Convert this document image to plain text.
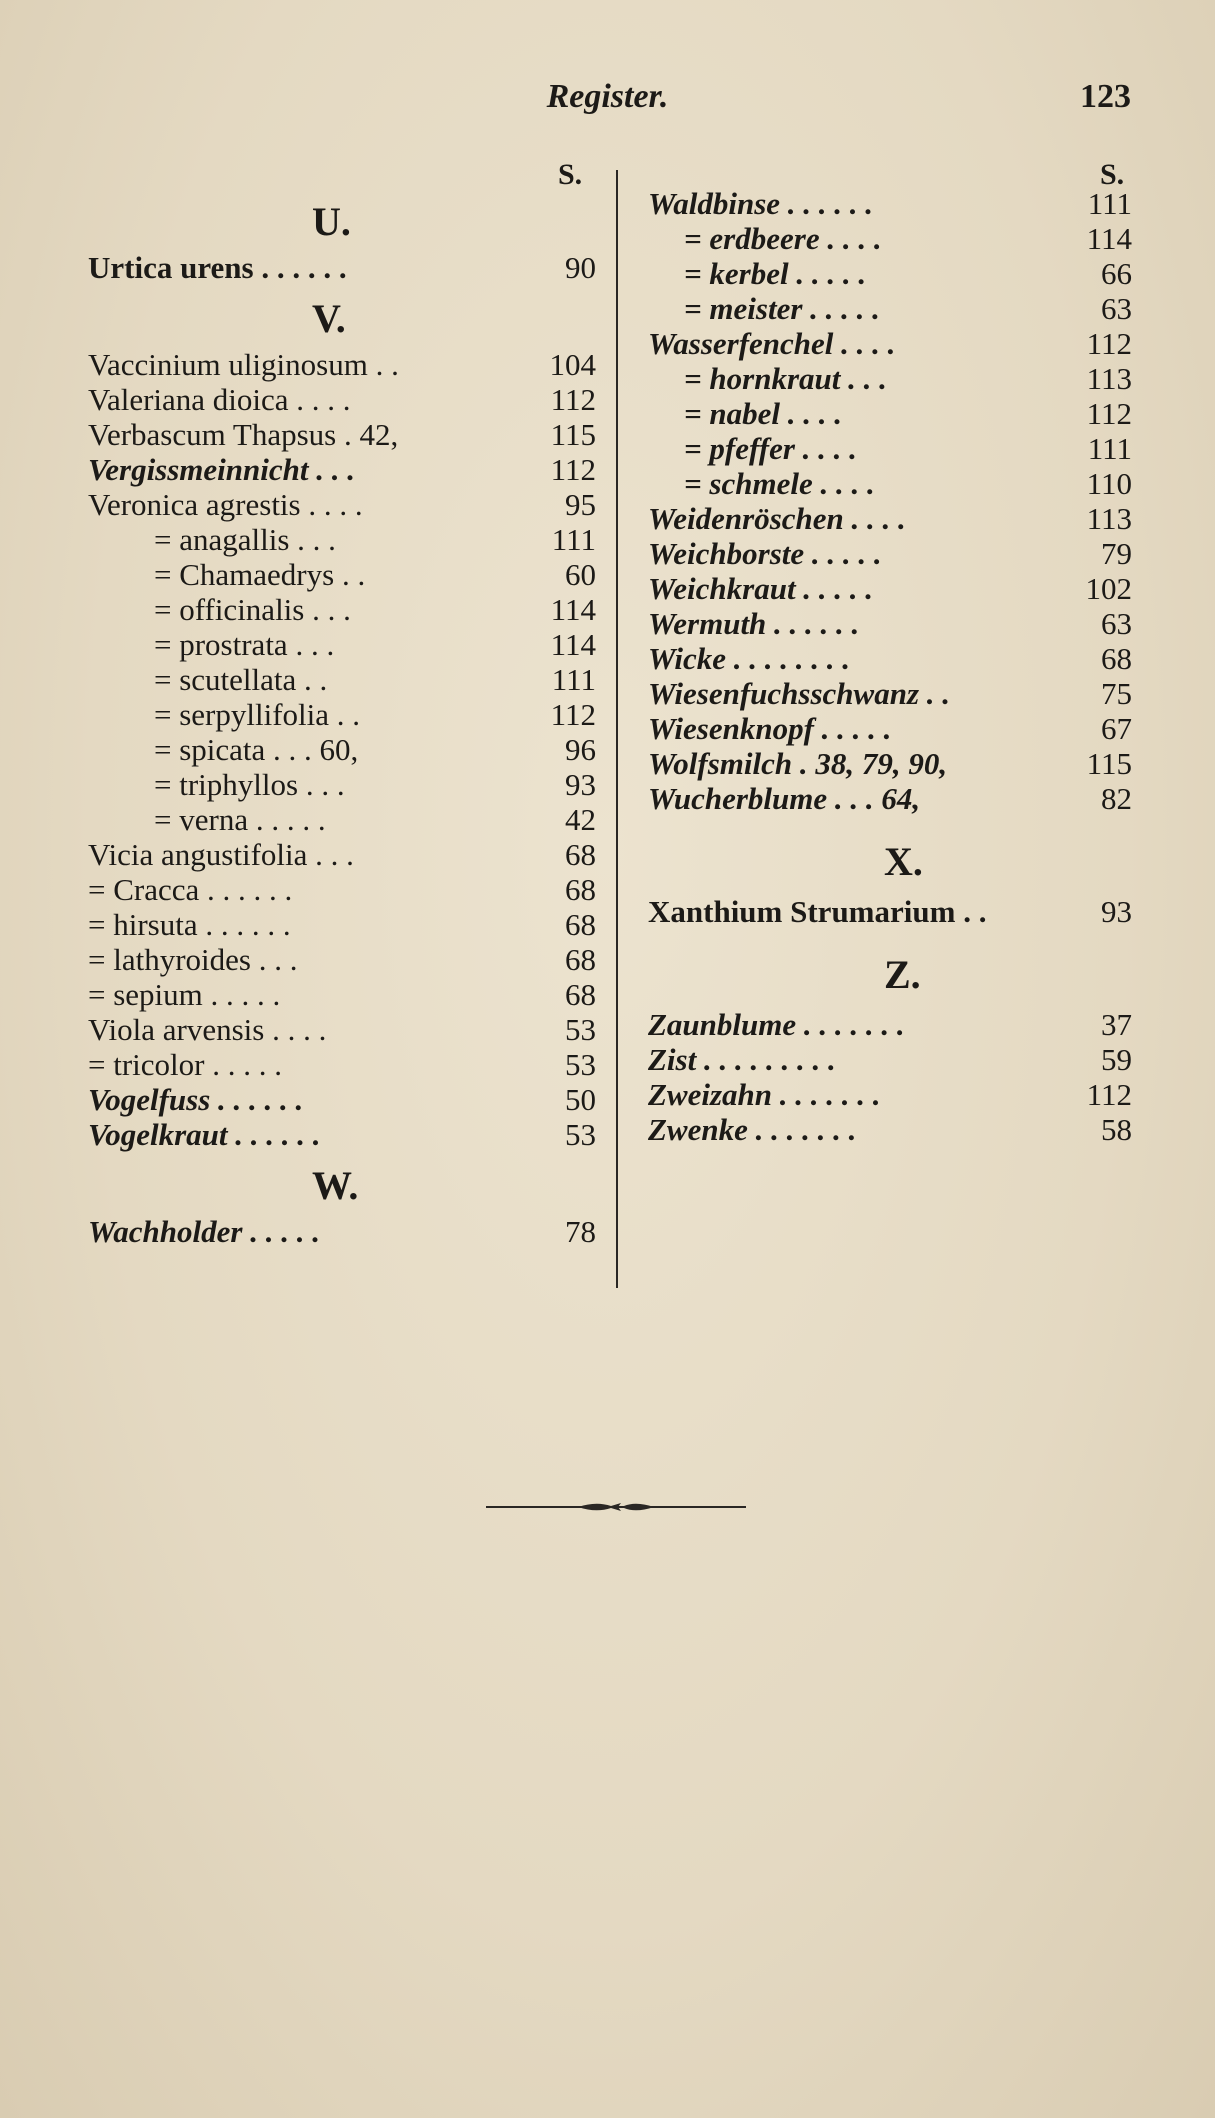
Register.	123
S.
U.
Urtica urens . . . . . .	90
V.
Vaccinium uliginosum . .	104
Valeriana dioica . . . .	112
Verbascum Thapsus . 42,	115
Vergissmeinnicht . . .	112
Veronica agrestis . . . .	95
= anagallis . . .	111
= Chamaedrys . .	60
= officinalis . . .	114
= prostrata . . .	114
= scutellata . .	111
= serpyllifolia . .	112
= spicata . . . 60,	96
= triphyllos . . .	93
= verna . . . . .	42
Vicia angustifolia . . .	68
= Cracca . . . . . .	68
= hirsuta . . . . . .	68
= lathyroides . . .	68
= sepium . . . . .	68
Viola arvensis . . . .	53
= tricolor . . . . .	53
Vogelfuss . . . . . .	50
Vogelkraut . . . . . .	53
W.
Wachholder . . . . .	78
S.
Waldbinse . . . . . .	111
= erdbeere . . . .	114
= kerbel . . . . .	66
= meister . . . . .	63
Wasserfenchel . . . .	112
= hornkraut . . .	113
= nabel . . . .	112
= pfeffer . . . .	111
= schmele . . . .	110
Weidenröschen . . . .	113
Weichborste . . . . .	79
Weichkraut . . . . .	102
Wermuth . . . . . .	63
Wicke . . . . . . . .	68
Wiesenfuchsschwanz . .	75
Wiesenknopf . . . . .	67
Wolfsmilch . 38, 79, 90,	115
Wucherblume . . . 64,	82
X.
Xanthium Strumarium . .	93
Z.
Zaunblume . . . . . . .	37
Zist . . . . . . . . .	59
Zweizahn . . . . . . .	112
Zwenke . . . . . . .	58
